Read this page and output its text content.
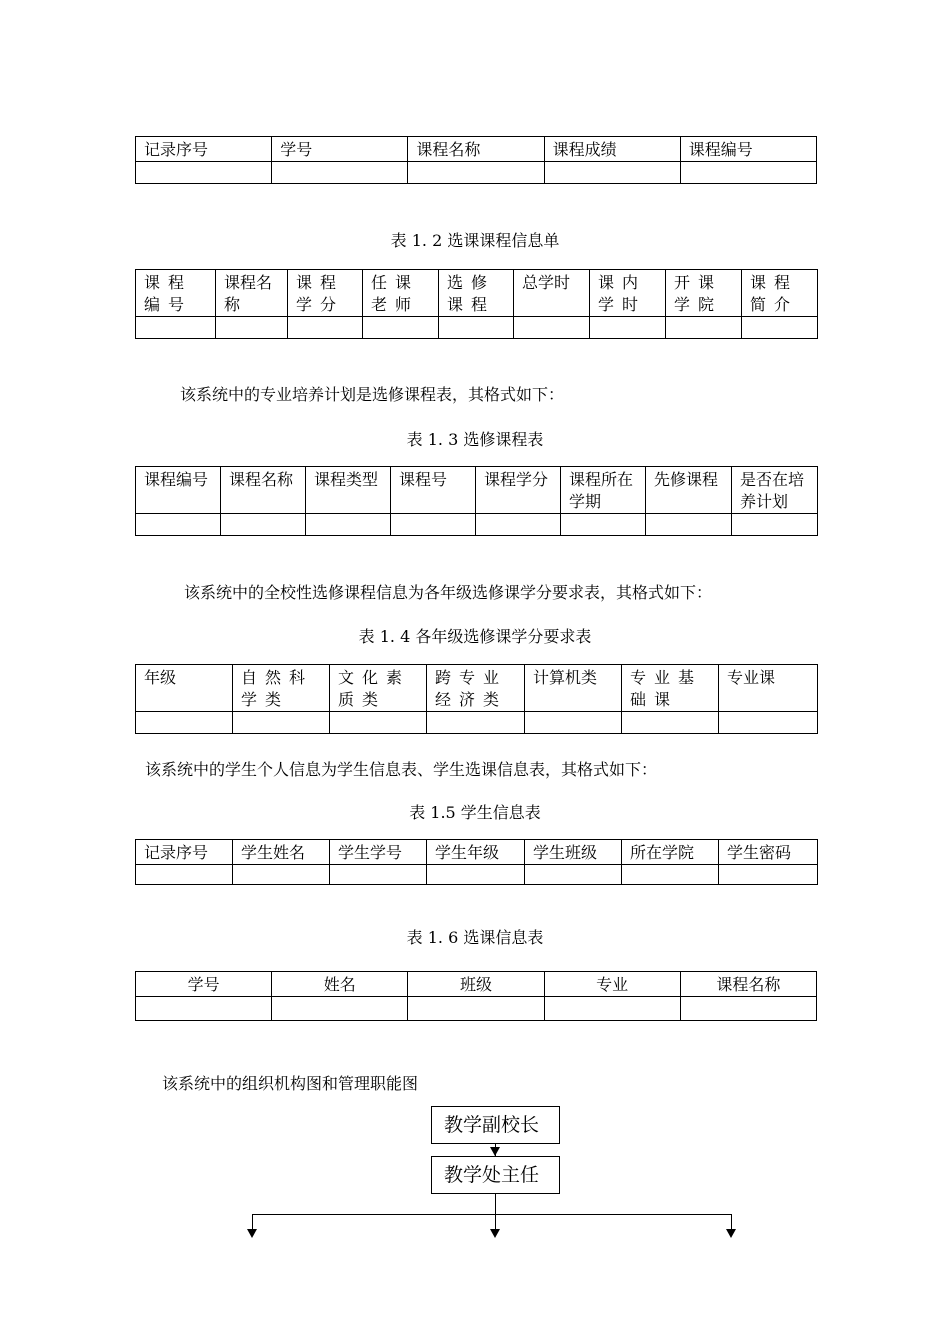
记录序号	学号	课程名称	课程成绩	课程编号

表 1. 2 选课课程信息单
课程编号	课程名称	课程学分	任课老师	选修课程	总学时	课内学时	开课学院	课程简介

该系统中的专业培养计划是选修课程表，其格式如下：
表 1. 3 选修课程表
课程编号	课程名称	课程类型	课程号	课程学分	课程所在学期	先修课程	是否在培养计划

该系统中的全校性选修课程信息为各年级选修课学分要求表，其格式如下：
表 1. 4 各年级选修课学分要求表
年级	自然科学类	文化素质类	跨专业经济类	计算机类	专业基础课	专业课

该系统中的学生个人信息为学生信息表、学生选课信息表，其格式如下：
表 1.5 学生信息表
记录序号	学生姓名	学生学号	学生年级	学生班级	所在学院	学生密码

表 1. 6 选课信息表
学号	姓名	班级	专业	课程名称

该系统中的组织机构图和管理职能图
教学副校长
教学处主任
